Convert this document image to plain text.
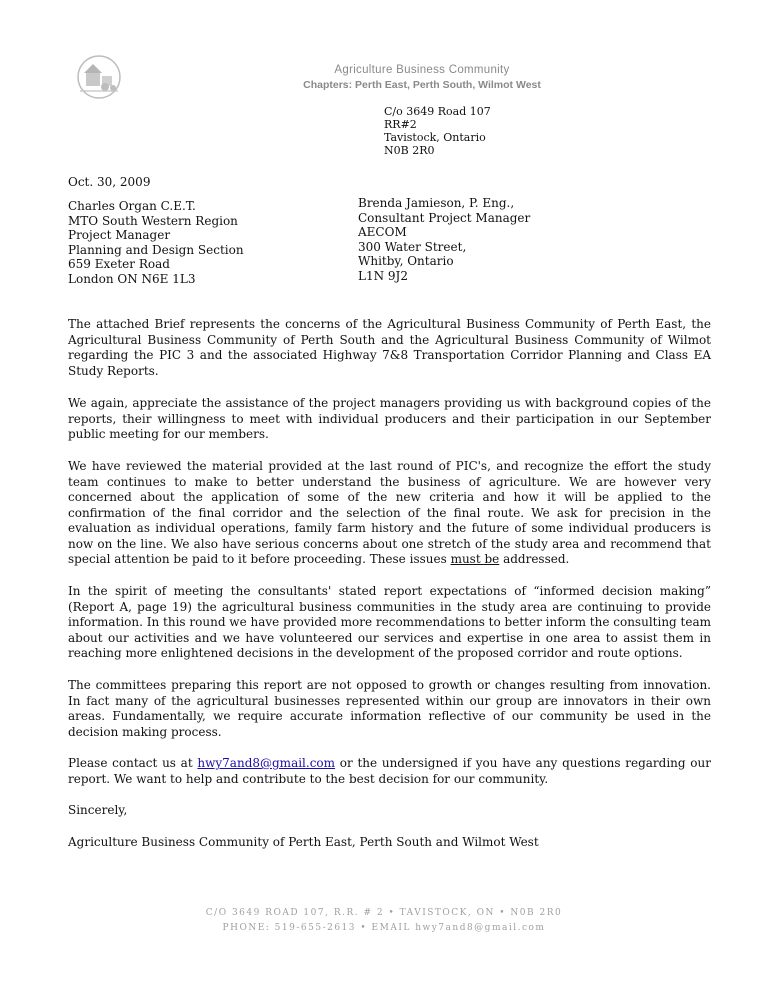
Agriculture Business Community
Chapters: Perth East, Perth South, Wilmot West
C/o 3649 Road 107
RR#2
Tavistock, Ontario
N0B 2R0
Oct. 30, 2009
Charles Organ C.E.T.
MTO South Western Region
Project Manager
Planning and Design Section
659 Exeter Road
London ON N6E 1L3
Brenda Jamieson, P. Eng.,
Consultant Project Manager
AECOM
300 Water Street,
Whitby, Ontario
L1N 9J2
The attached Brief represents the concerns of the Agricultural Business Community of Perth East, the Agricultural Business Community of Perth South and the Agricultural Business Community of Wilmot regarding the PIC 3 and the associated Highway 7&8 Transportation Corridor Planning and Class EA Study Reports.
We again, appreciate the assistance of the project managers providing us with background copies of the reports, their willingness to meet with individual producers and their participation in our September public meeting for our members.
We have reviewed the material provided at the last round of PIC's, and recognize the effort the study team continues to make to better understand the business of agriculture. We are however very concerned about the application of some of the new criteria and how it will be applied to the confirmation of the final corridor and the selection of the final route. We ask for precision in the evaluation as individual operations, family farm history and the future of some individual producers is now on the line. We also have serious concerns about one stretch of the study area and recommend that special attention be paid to it before proceeding. These issues must be addressed.
In the spirit of meeting the consultants' stated report expectations of “informed decision making” (Report A, page 19) the agricultural business communities in the study area are continuing to provide information. In this round we have provided more recommendations to better inform the consulting team about our activities and we have volunteered our services and expertise in one area to assist them in reaching more enlightened decisions in the development of the proposed corridor and route options.
The committees preparing this report are not opposed to growth or changes resulting from innovation. In fact many of the agricultural businesses represented within our group are innovators in their own areas. Fundamentally, we require accurate information reflective of our community be used in the decision making process.
Please contact us at hwy7and8@gmail.com or the undersigned if you have any questions regarding our report. We want to help and contribute to the best decision for our community.
Sincerely,
Agriculture Business Community of Perth East, Perth South and Wilmot West
C/O 3649 ROAD 107, R.R. # 2 • TAVISTOCK, ON • N0B 2R0
PHONE: 519-655-2613 • EMAIL hwy7and8@gmail.com
